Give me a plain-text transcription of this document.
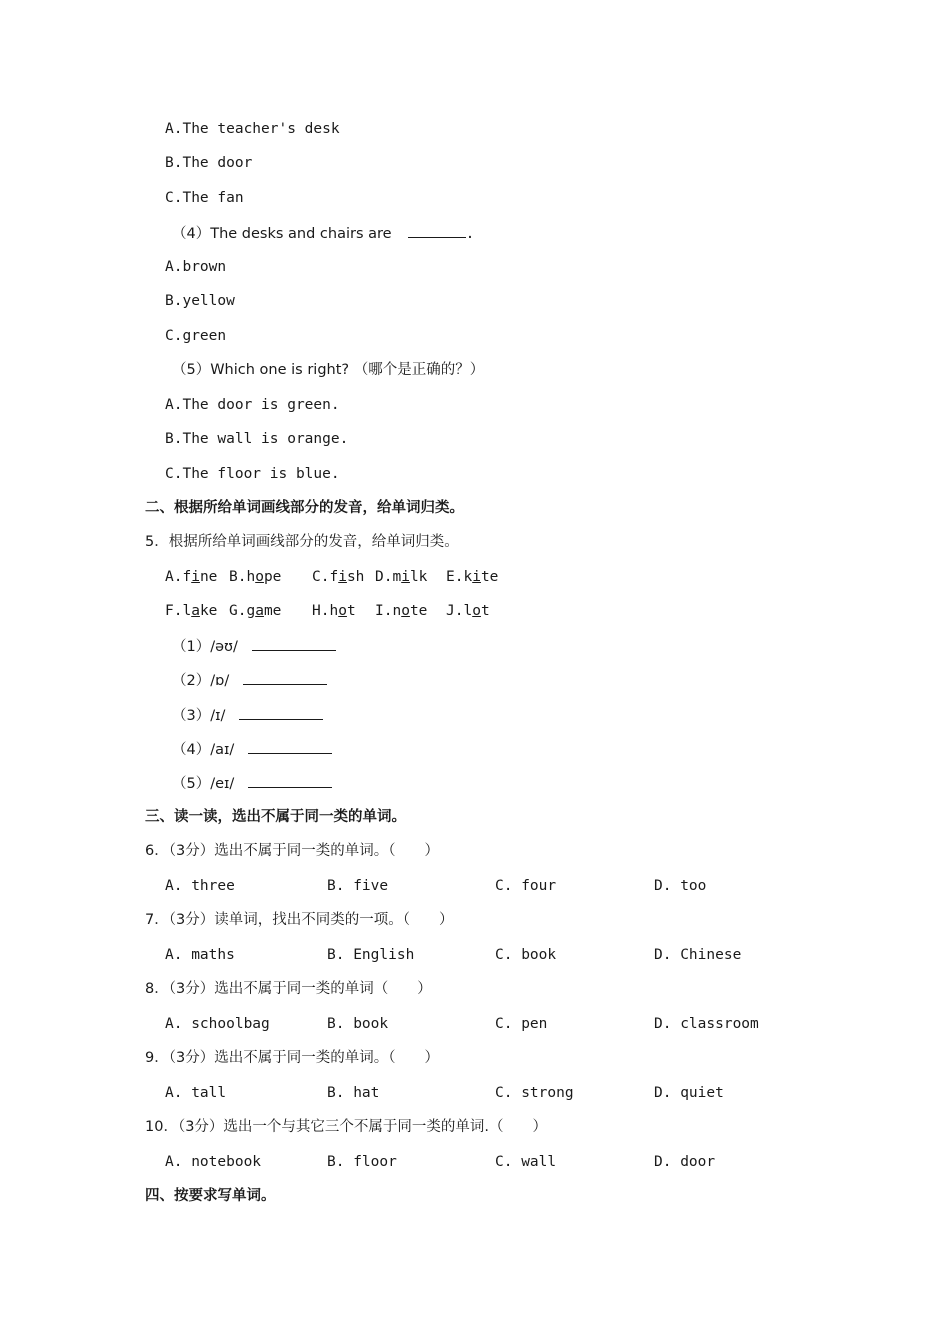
A.The teacher's desk
B.The door
C.The fan
（4）The desks and chairs are	.
A.brown
B.yellow
C.green
（5）Which one is right? （哪个是正确的？）
A.The door is green.
B.The wall is orange.
C.The floor is blue.
二、根据所给单词画线部分的发音，给单词归类。
5．根据所给单词画线部分的发音，给单词归类。
A.fine B.hope C.fish D.milk E.kite
F.lake G.game H.hot I.note J.lot
（1）/əʊ/
（2）/ɒ/
（3）/ɪ/
（4）/aɪ/
（5）/eɪ/
三、读一读，选出不属于同一类的单词。
6．（3分）选出不属于同一类的单词。（　　）
A. three	B. five	C. four	D. too
7．（3分）读单词，找出不同类的一项。（　　）
A. maths	B. English	C. book	D. Chinese
8．（3分）选出不属于同一类的单词（　　）
A. schoolbag	B. book	C. pen	D. classroom
9．（3分）选出不属于同一类的单词。（　　）
A. tall	B. hat	C. strong	D. quiet
10．（3分）选出一个与其它三个不属于同一类的单词.（　　）
A. notebook	B. floor	C. wall	D. door
四、按要求写单词。
